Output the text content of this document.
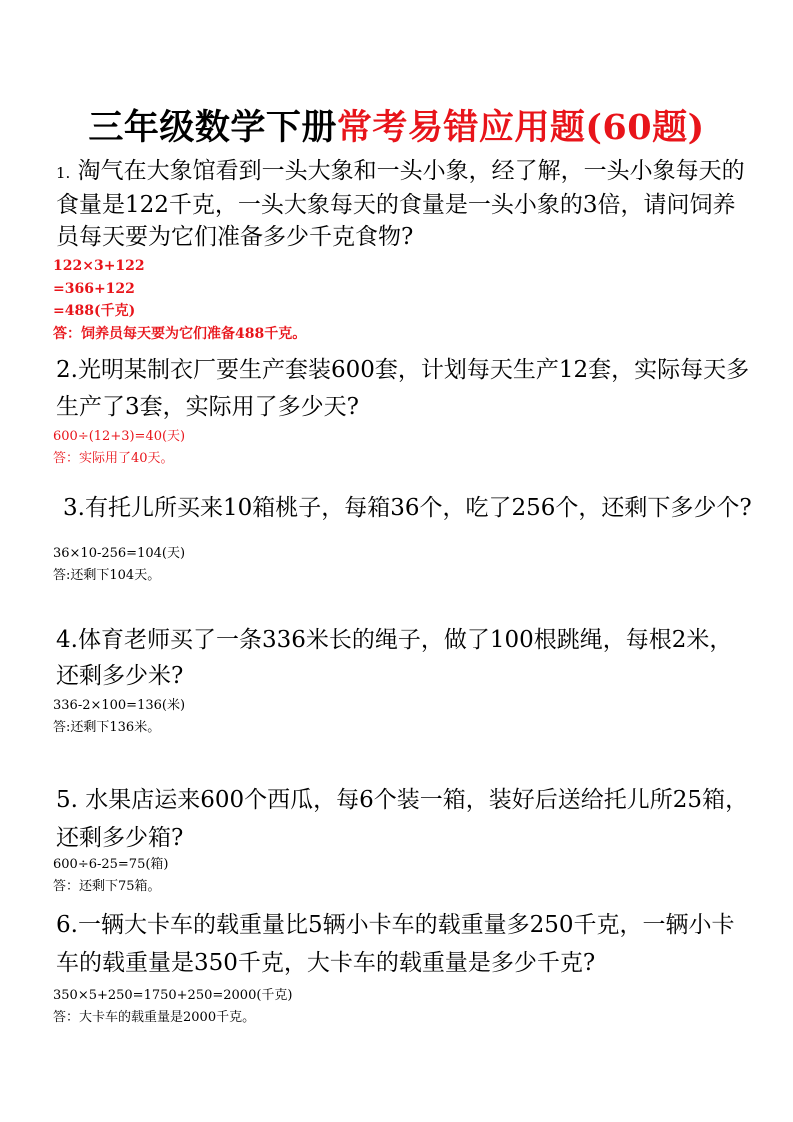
三年级数学下册常考易错应用题(60题)

1. 淘气在大象馆看到一头大象和一头小象，经了解，一头小象每天的食量是122千克，一头大象每天的食量是一头小象的3倍，请问饲养员每天要为它们准备多少千克食物?

122×3+122
=366+122
=488(千克)
答：饲养员每天要为它们准备488千克。

2.光明某制衣厂要生产套装600套，计划每天生产12套，实际每天多生产了3套，实际用了多少天?

600÷(12+3)=40(天)
答：实际用了40天。

3.有托儿所买来10箱桃子，每箱36个，吃了256个，还剩下多少个?

36×10-256=104(天)
答:还剩下104天。

4.体育老师买了一条336米长的绳子，做了100根跳绳，每根2米，还剩多少米?

336-2×100=136(米)
答:还剩下136米。

5. 水果店运来600个西瓜，每6个装一箱，装好后送给托儿所25箱，还剩多少箱?

600÷6-25=75(箱)
答：还剩下75箱。

6.一辆大卡车的载重量比5辆小卡车的载重量多250千克，一辆小卡车的载重量是350千克，大卡车的载重量是多少千克?

350×5+250=1750+250=2000(千克)
答：大卡车的载重量是2000千克。
